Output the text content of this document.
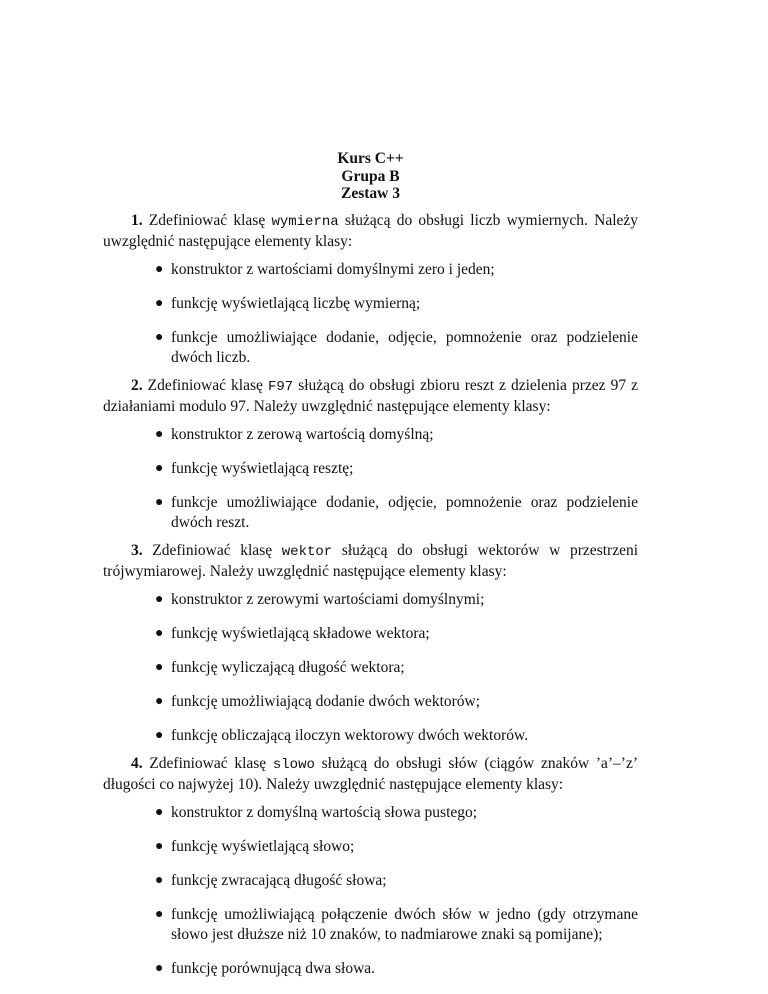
Kurs C++
Grupa B
Zestaw 3

1. Zdefiniować klasę wymierna służącą do obsługi liczb wymiernych. Należy uwzględnić następujące elementy klasy:

● konstruktor z wartościami domyślnymi zero i jeden;
● funkcję wyświetlającą liczbę wymierną;
● funkcje umożliwiające dodanie, odjęcie, pomnożenie oraz podzielenie dwóch liczb.

2. Zdefiniować klasę F97 służącą do obsługi zbioru reszt z dzielenia przez 97 z działaniami modulo 97. Należy uwzględnić następujące elementy klasy:

● konstruktor z zerową wartością domyślną;
● funkcję wyświetlającą resztę;
● funkcje umożliwiające dodanie, odjęcie, pomnożenie oraz podzielenie dwóch reszt.

3. Zdefiniować klasę wektor służącą do obsługi wektorów w przestrzeni trójwymiarowej. Należy uwzględnić następujące elementy klasy:

● konstruktor z zerowymi wartościami domyślnymi;
● funkcję wyświetlającą składowe wektora;
● funkcję wyliczającą długość wektora;
● funkcję umożliwiającą dodanie dwóch wektorów;
● funkcję obliczającą iloczyn wektorowy dwóch wektorów.

4. Zdefiniować klasę slowo służącą do obsługi słów (ciągów znaków ’a’–’z’ długości co najwyżej 10). Należy uwzględnić następujące elementy klasy:

● konstruktor z domyślną wartością słowa pustego;
● funkcję wyświetlającą słowo;
● funkcję zwracającą długość słowa;
● funkcję umożliwiającą połączenie dwóch słów w jedno (gdy otrzymane słowo jest dłuższe niż 10 znaków, to nadmiarowe znaki są pomijane);
● funkcję porównującą dwa słowa.
